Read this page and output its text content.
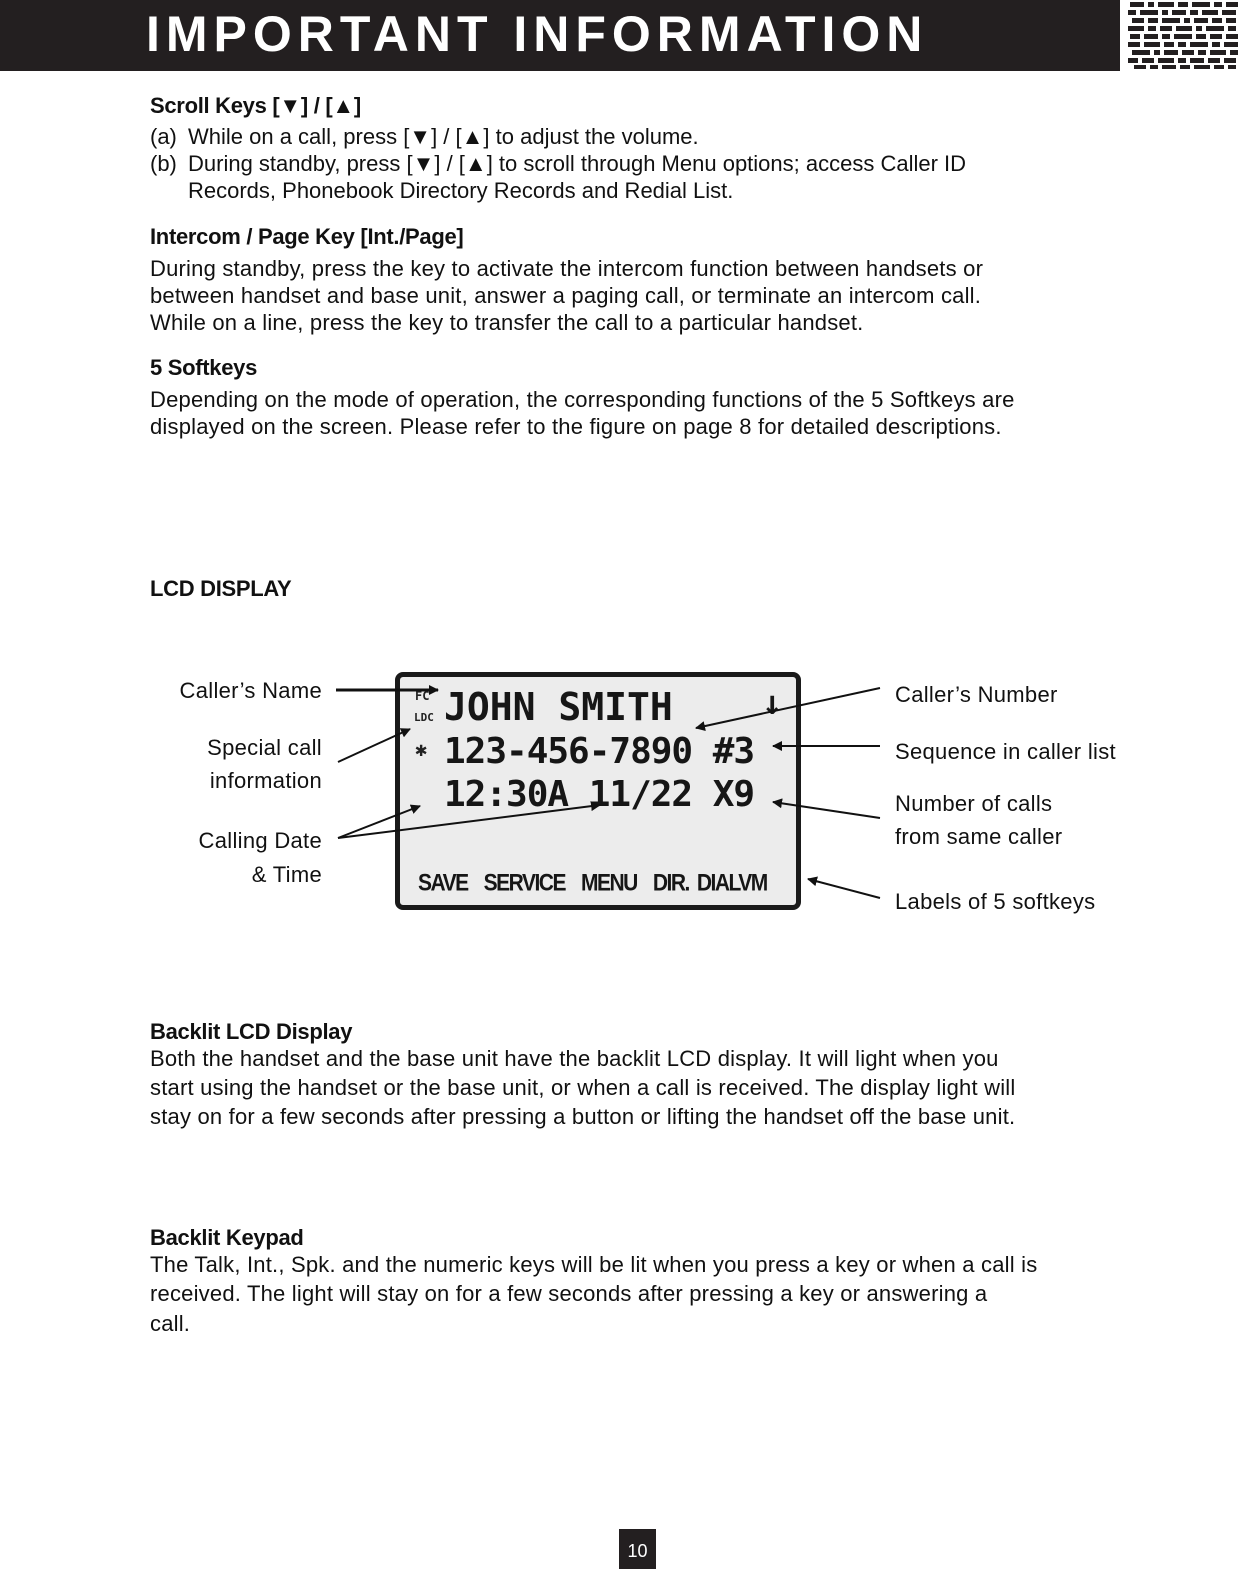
IMPORTANT INFORMATION
Scroll Keys [▼] / [▲]
(a) While on a call, press [▼] / [▲] to adjust the volume.
(b) During standby, press [▼] / [▲] to scroll through Menu options; access Caller ID
Records, Phonebook Directory Records and Redial List.
Intercom / Page Key [Int./Page]
During standby, press the key to activate the intercom function between handsets or
between handset and base unit, answer a paging call, or terminate an intercom call.
While on a line, press the key to transfer the call to a particular handset.
5 Softkeys
Depending on the mode of operation, the corresponding functions of the 5 Softkeys are
displayed on the screen. Please refer to the figure on page 8 for detailed descriptions.
LCD DISPLAY
Caller’s Name
Special call
information
Calling Date
& Time
Caller’s Number
Sequence in caller list
Number of calls
from same caller
Labels of 5 softkeys
FC
LDC
✱
JOHN SMITH	↓
123-456-7890 #3
12:30A 11/22 X9
SAVE SERVICE MENU DIR. DIALVM
Backlit LCD Display
Both the handset and the base unit have the backlit LCD display. It will light when you
start using the handset or the base unit, or when a call is received. The display light will
stay on for a few seconds after pressing a button or lifting the handset off the base unit.
Backlit Keypad
The Talk, Int., Spk. and the numeric keys will be lit when you press a key or when a call is
received. The light will stay on for a few seconds after pressing a key or answering a
call.
10
